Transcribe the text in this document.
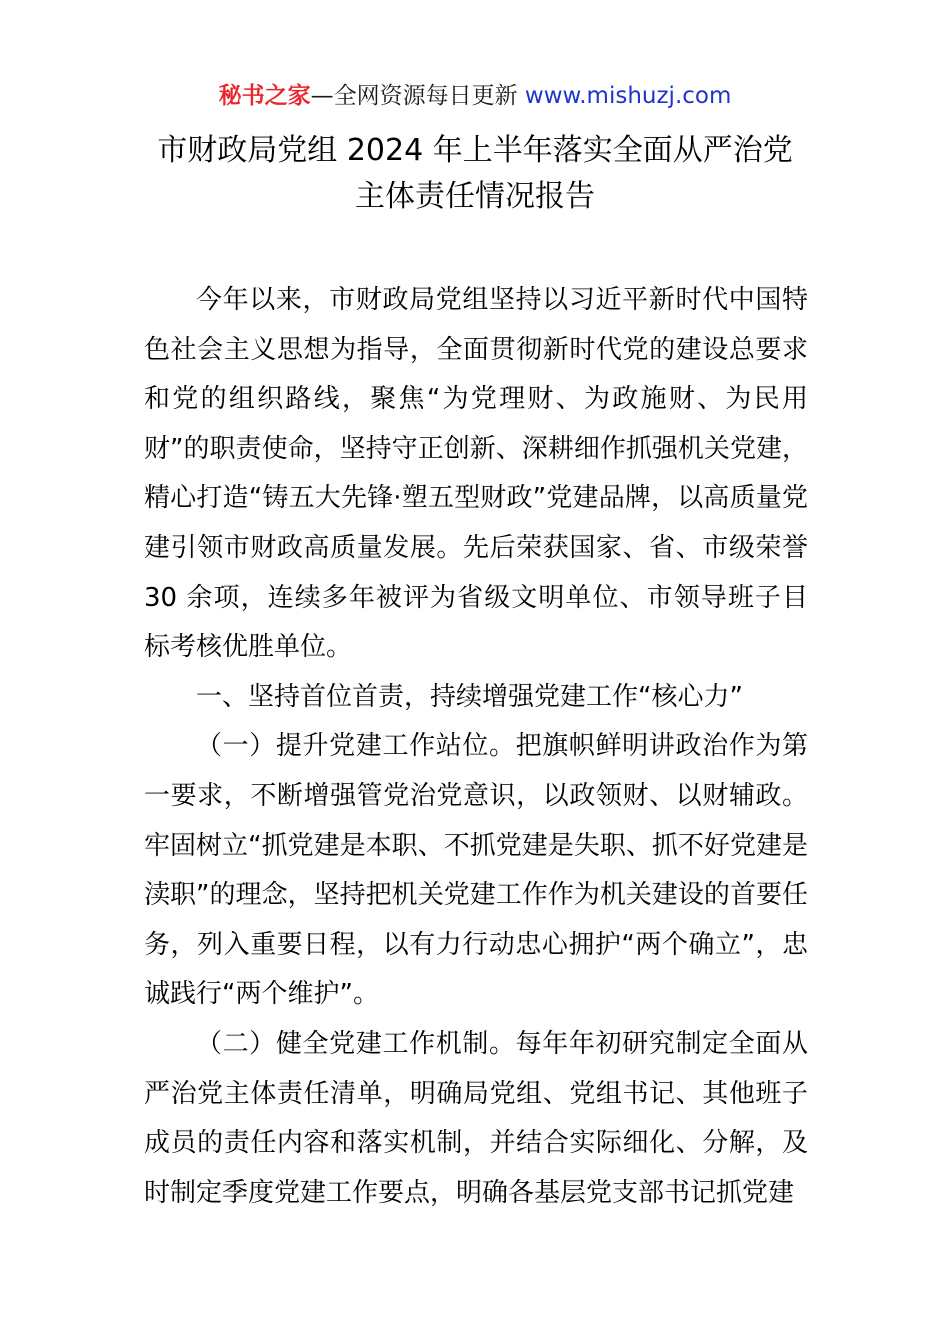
秘书之家—全网资源每日更新 www.mishuzj.com
市财政局党组 2024 年上半年落实全面从严治党
主体责任情况报告

今年以来，市财政局党组坚持以习近平新时代中国特色社会主义思想为指导，全面贯彻新时代党的建设总要求和党的组织路线，聚焦“为党理财、为政施财、为民用财”的职责使命，坚持守正创新、深耕细作抓强机关党建，精心打造“铸五大先锋·塑五型财政”党建品牌，以高质量党建引领市财政高质量发展。先后荣获国家、省、市级荣誉 30 余项，连续多年被评为省级文明单位、市领导班子目标考核优胜单位。

一、坚持首位首责，持续增强党建工作“核心力”

（一）提升党建工作站位。把旗帜鲜明讲政治作为第一要求，不断增强管党治党意识，以政领财、以财辅政。牢固树立“抓党建是本职、不抓党建是失职、抓不好党建是渎职”的理念，坚持把机关党建工作作为机关建设的首要任务，列入重要日程，以有力行动忠心拥护“两个确立”，忠诚践行“两个维护”。

（二）健全党建工作机制。每年年初研究制定全面从严治党主体责任清单，明确局党组、党组书记、其他班子成员的责任内容和落实机制，并结合实际细化、分解，及时制定季度党建工作要点，明确各基层党支部书记抓党建
